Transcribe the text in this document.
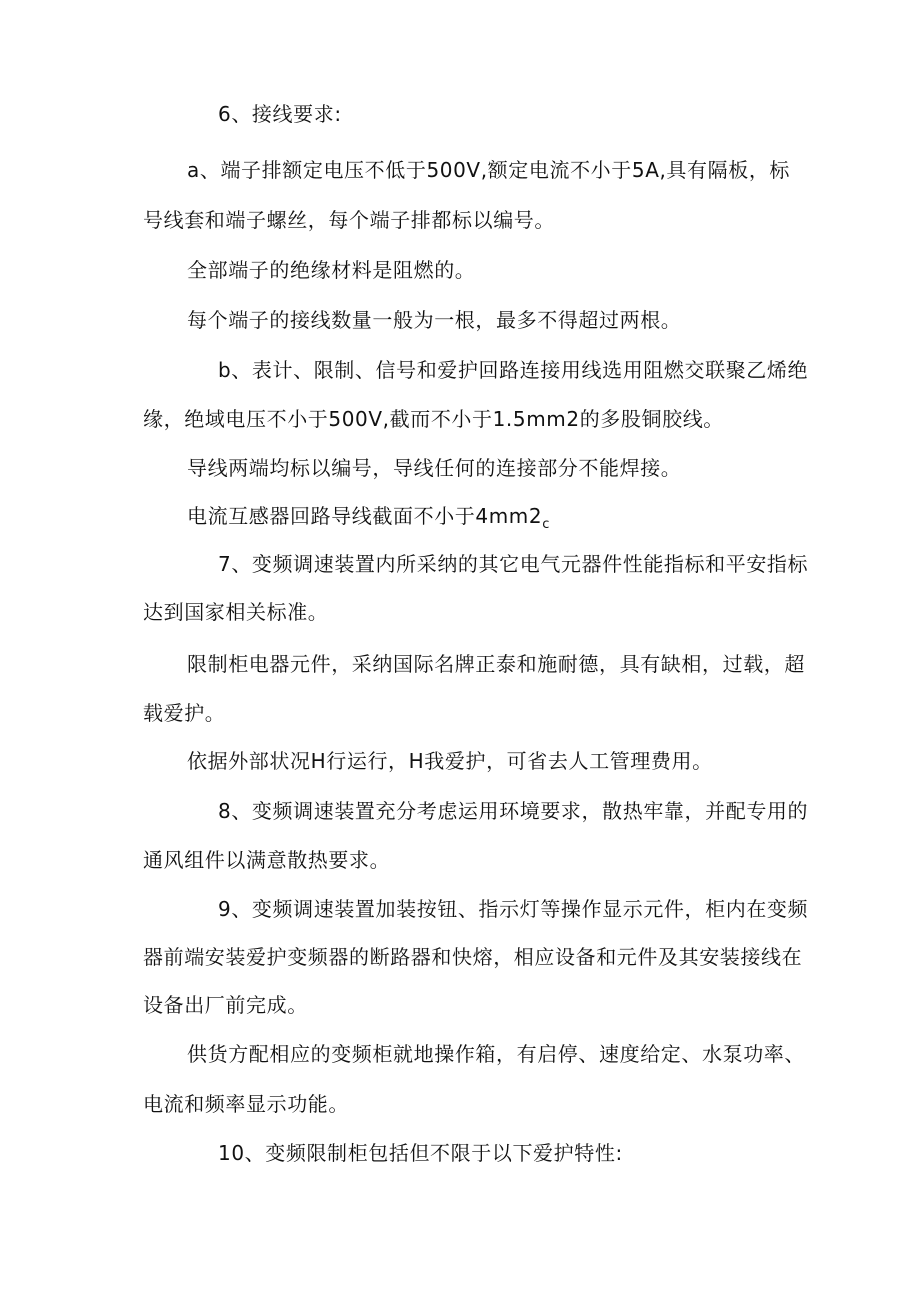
6、接线要求:
a、端子排额定电压不低于500V,额定电流不小于5A,具有隔板，标
号线套和端子螺丝，每个端子排都标以编号。
全部端子的绝缘材料是阻燃的。
每个端子的接线数量一般为一根，最多不得超过两根。
b、表计、限制、信号和爱护回路连接用线选用阻燃交联聚乙烯绝
缘，绝域电压不小于500V,截而不小于1.5mm2的多股铜胶线。
导线两端均标以编号，导线任何的连接部分不能焊接。
电流互感器回路导线截面不小于$4mm2_c$
7、变频调速装置内所采纳的其它电气元器件性能指标和平安指标
达到国家相关标准。
限制柜电器元件，采纳国际名牌正泰和施耐德，具有缺相，过载，超
载爱护。
依据外部状况H行运行，H我爱护，可省去人工管理费用。
8、变频调速装置充分考虑运用环境要求，散热牢靠，并配专用的
通风组件以满意散热要求。
9、变频调速装置加装按钮、指示灯等操作显示元件，柜内在变频
器前端安装爱护变频器的断路器和快熔，相应设备和元件及其安装接线在
设备出厂前完成。
供货方配相应的变频柜就地操作箱，有启停、速度给定、水泵功率、
电流和频率显示功能。
10、变频限制柜包括但不限于以下爱护特性:
